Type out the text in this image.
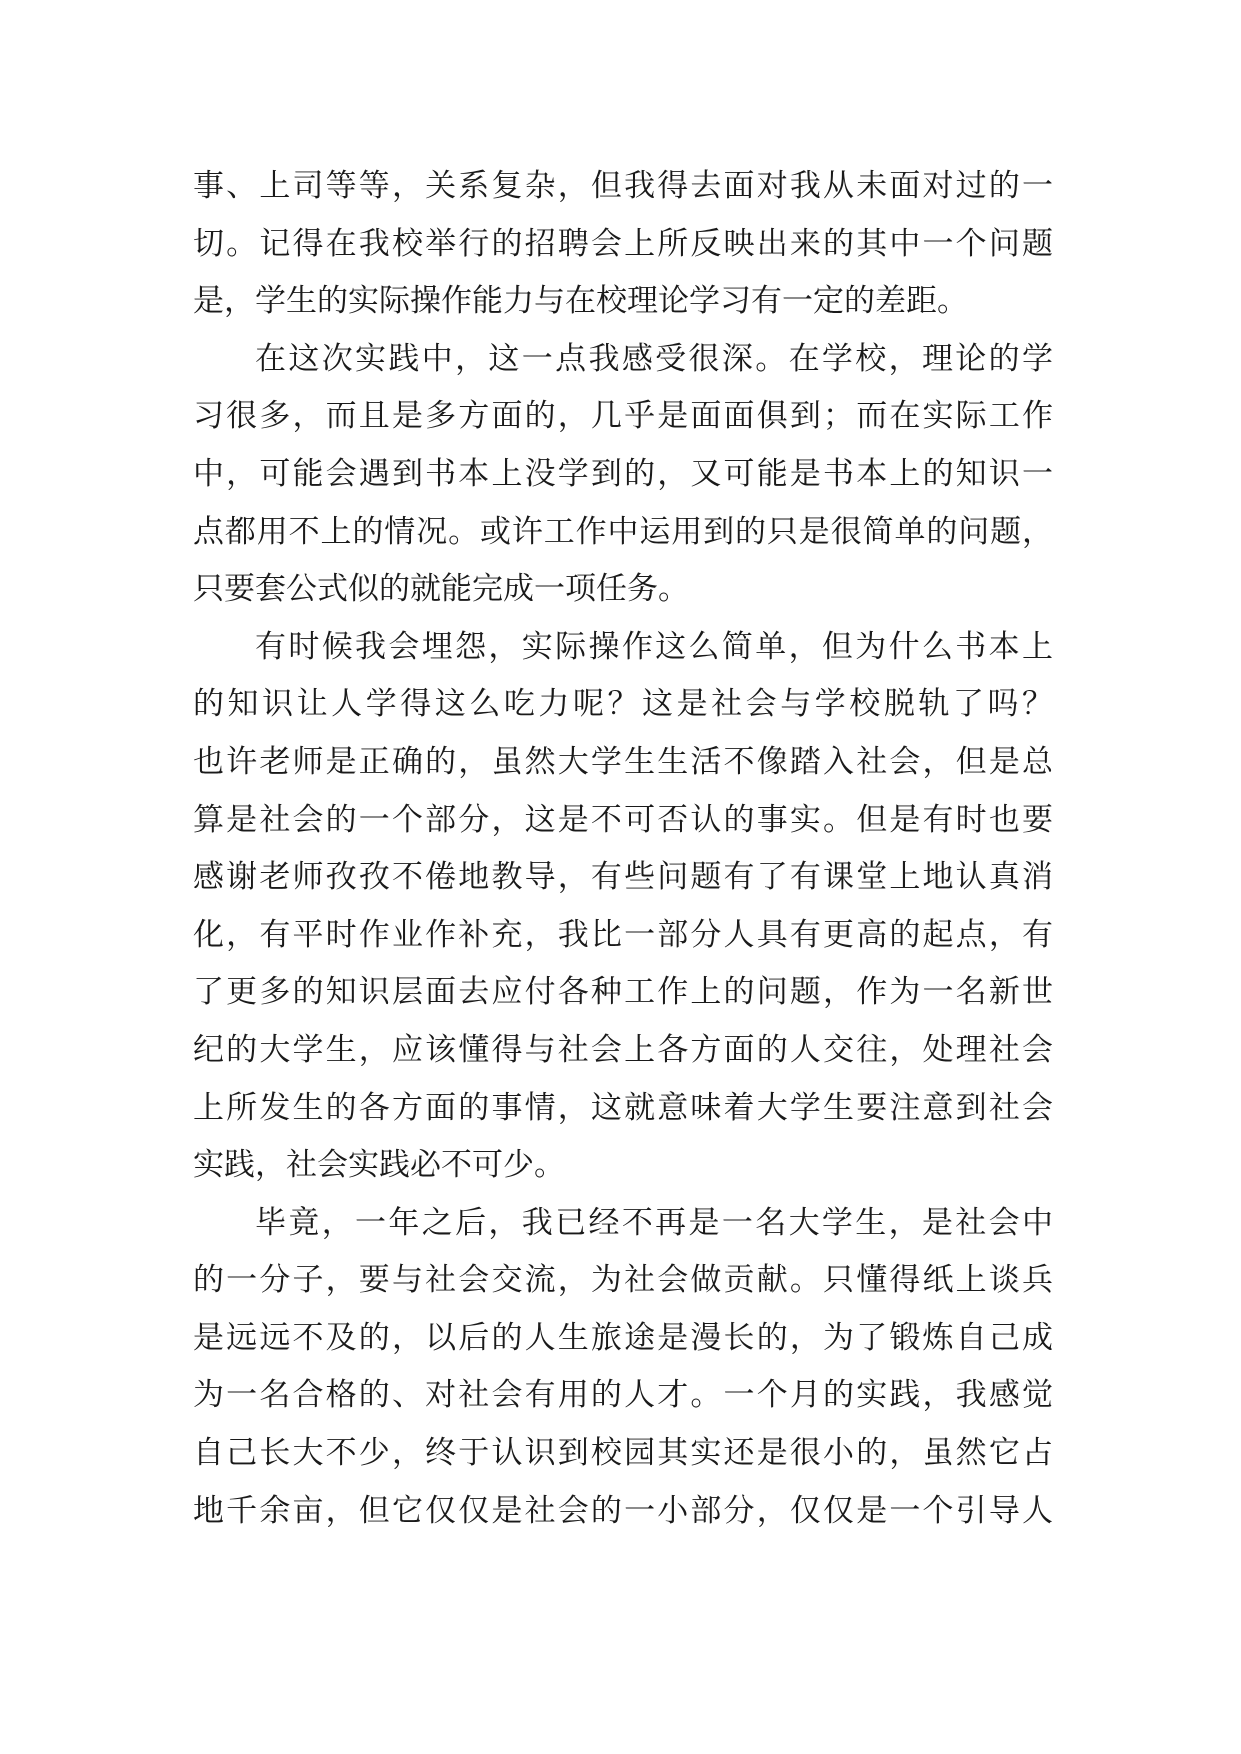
事、上司等等，关系复杂，但我得去面对我从未面对过的一
切。记得在我校举行的招聘会上所反映出来的其中一个问题
是，学生的实际操作能力与在校理论学习有一定的差距。
在这次实践中，这一点我感受很深。在学校，理论的学
习很多，而且是多方面的，几乎是面面俱到；而在实际工作
中，可能会遇到书本上没学到的，又可能是书本上的知识一
点都用不上的情况。或许工作中运用到的只是很简单的问题，
只要套公式似的就能完成一项任务。
有时候我会埋怨，实际操作这么简单，但为什么书本上
的知识让人学得这么吃力呢？这是社会与学校脱轨了吗？
也许老师是正确的，虽然大学生生活不像踏入社会，但是总
算是社会的一个部分，这是不可否认的事实。但是有时也要
感谢老师孜孜不倦地教导，有些问题有了有课堂上地认真消
化，有平时作业作补充，我比一部分人具有更高的起点，有
了更多的知识层面去应付各种工作上的问题，作为一名新世
纪的大学生，应该懂得与社会上各方面的人交往，处理社会
上所发生的各方面的事情，这就意味着大学生要注意到社会
实践，社会实践必不可少。
毕竟，一年之后，我已经不再是一名大学生，是社会中
的一分子，要与社会交流，为社会做贡献。只懂得纸上谈兵
是远远不及的，以后的人生旅途是漫长的，为了锻炼自己成
为一名合格的、对社会有用的人才。一个月的实践，我感觉
自己长大不少，终于认识到校园其实还是很小的，虽然它占
地千余亩，但它仅仅是社会的一小部分，仅仅是一个引导人
